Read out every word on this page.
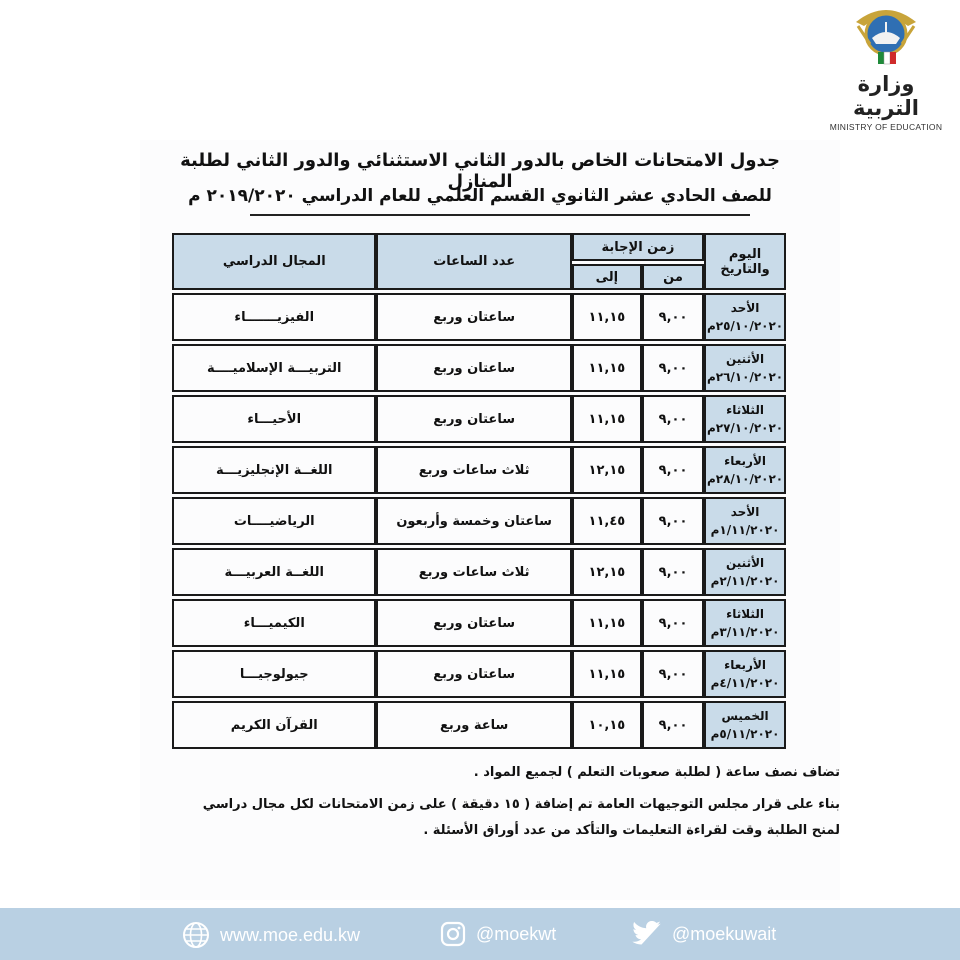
وزارة التربية
MINISTRY OF EDUCATION
جدول الامتحانات الخاص بالدور الثاني الاستثنائي والدور الثاني لطلبة المنازل
للصف الحادي عشر الثانوي القسم العلمي للعام الدراسي ٢٠١٩/٢٠٢٠ م
اليوم والتاريخ	زمن الإجابة		عدد الساعات	المجال الدراسي
	من	إلى		

الأحد
٢٥/١٠/٢٠٢٠م	٩,٠٠	١١,١٥	ساعتان وربع	الفيزيـــــــاء

الأثنين
٢٦/١٠/٢٠٢٠م	٩,٠٠	١١,١٥	ساعتان وربع	التربيـــة الإسلاميــــة

الثلاثاء
٢٧/١٠/٢٠٢٠م	٩,٠٠	١١,١٥	ساعتان وربع	الأحيـــاء

الأربعاء
٢٨/١٠/٢٠٢٠م	٩,٠٠	١٢,١٥	ثلاث ساعات وربع	اللغــة الإنجليزيـــة

الأحد
١/١١/٢٠٢٠م	٩,٠٠	١١,٤٥	ساعتان وخمسة وأربعون	الرياضيــــات

الأثنين
٢/١١/٢٠٢٠م	٩,٠٠	١٢,١٥	ثلاث ساعات وربع	اللغــة العربيـــة

الثلاثاء
٣/١١/٢٠٢٠م	٩,٠٠	١١,١٥	ساعتان وربع	الكيميـــاء

الأربعاء
٤/١١/٢٠٢٠م	٩,٠٠	١١,١٥	ساعتان وربع	جيولوجيـــا

الخميس
٥/١١/٢٠٢٠م	٩,٠٠	١٠,١٥	ساعة وربع	القرآن الكريم
تضاف نصف ساعة ( لطلبة صعوبات التعلم ) لجميع المواد .
بناء على قرار مجلس التوجيهات العامة تم إضافة ( ١٥ دقيقة ) على زمن الامتحانات لكل مجال دراسي لمنح الطلبة وقت لقراءة التعليمات والتأكد من عدد أوراق الأسئلة .
www.moe.edu.kw	@moekwt	@moekuwait
